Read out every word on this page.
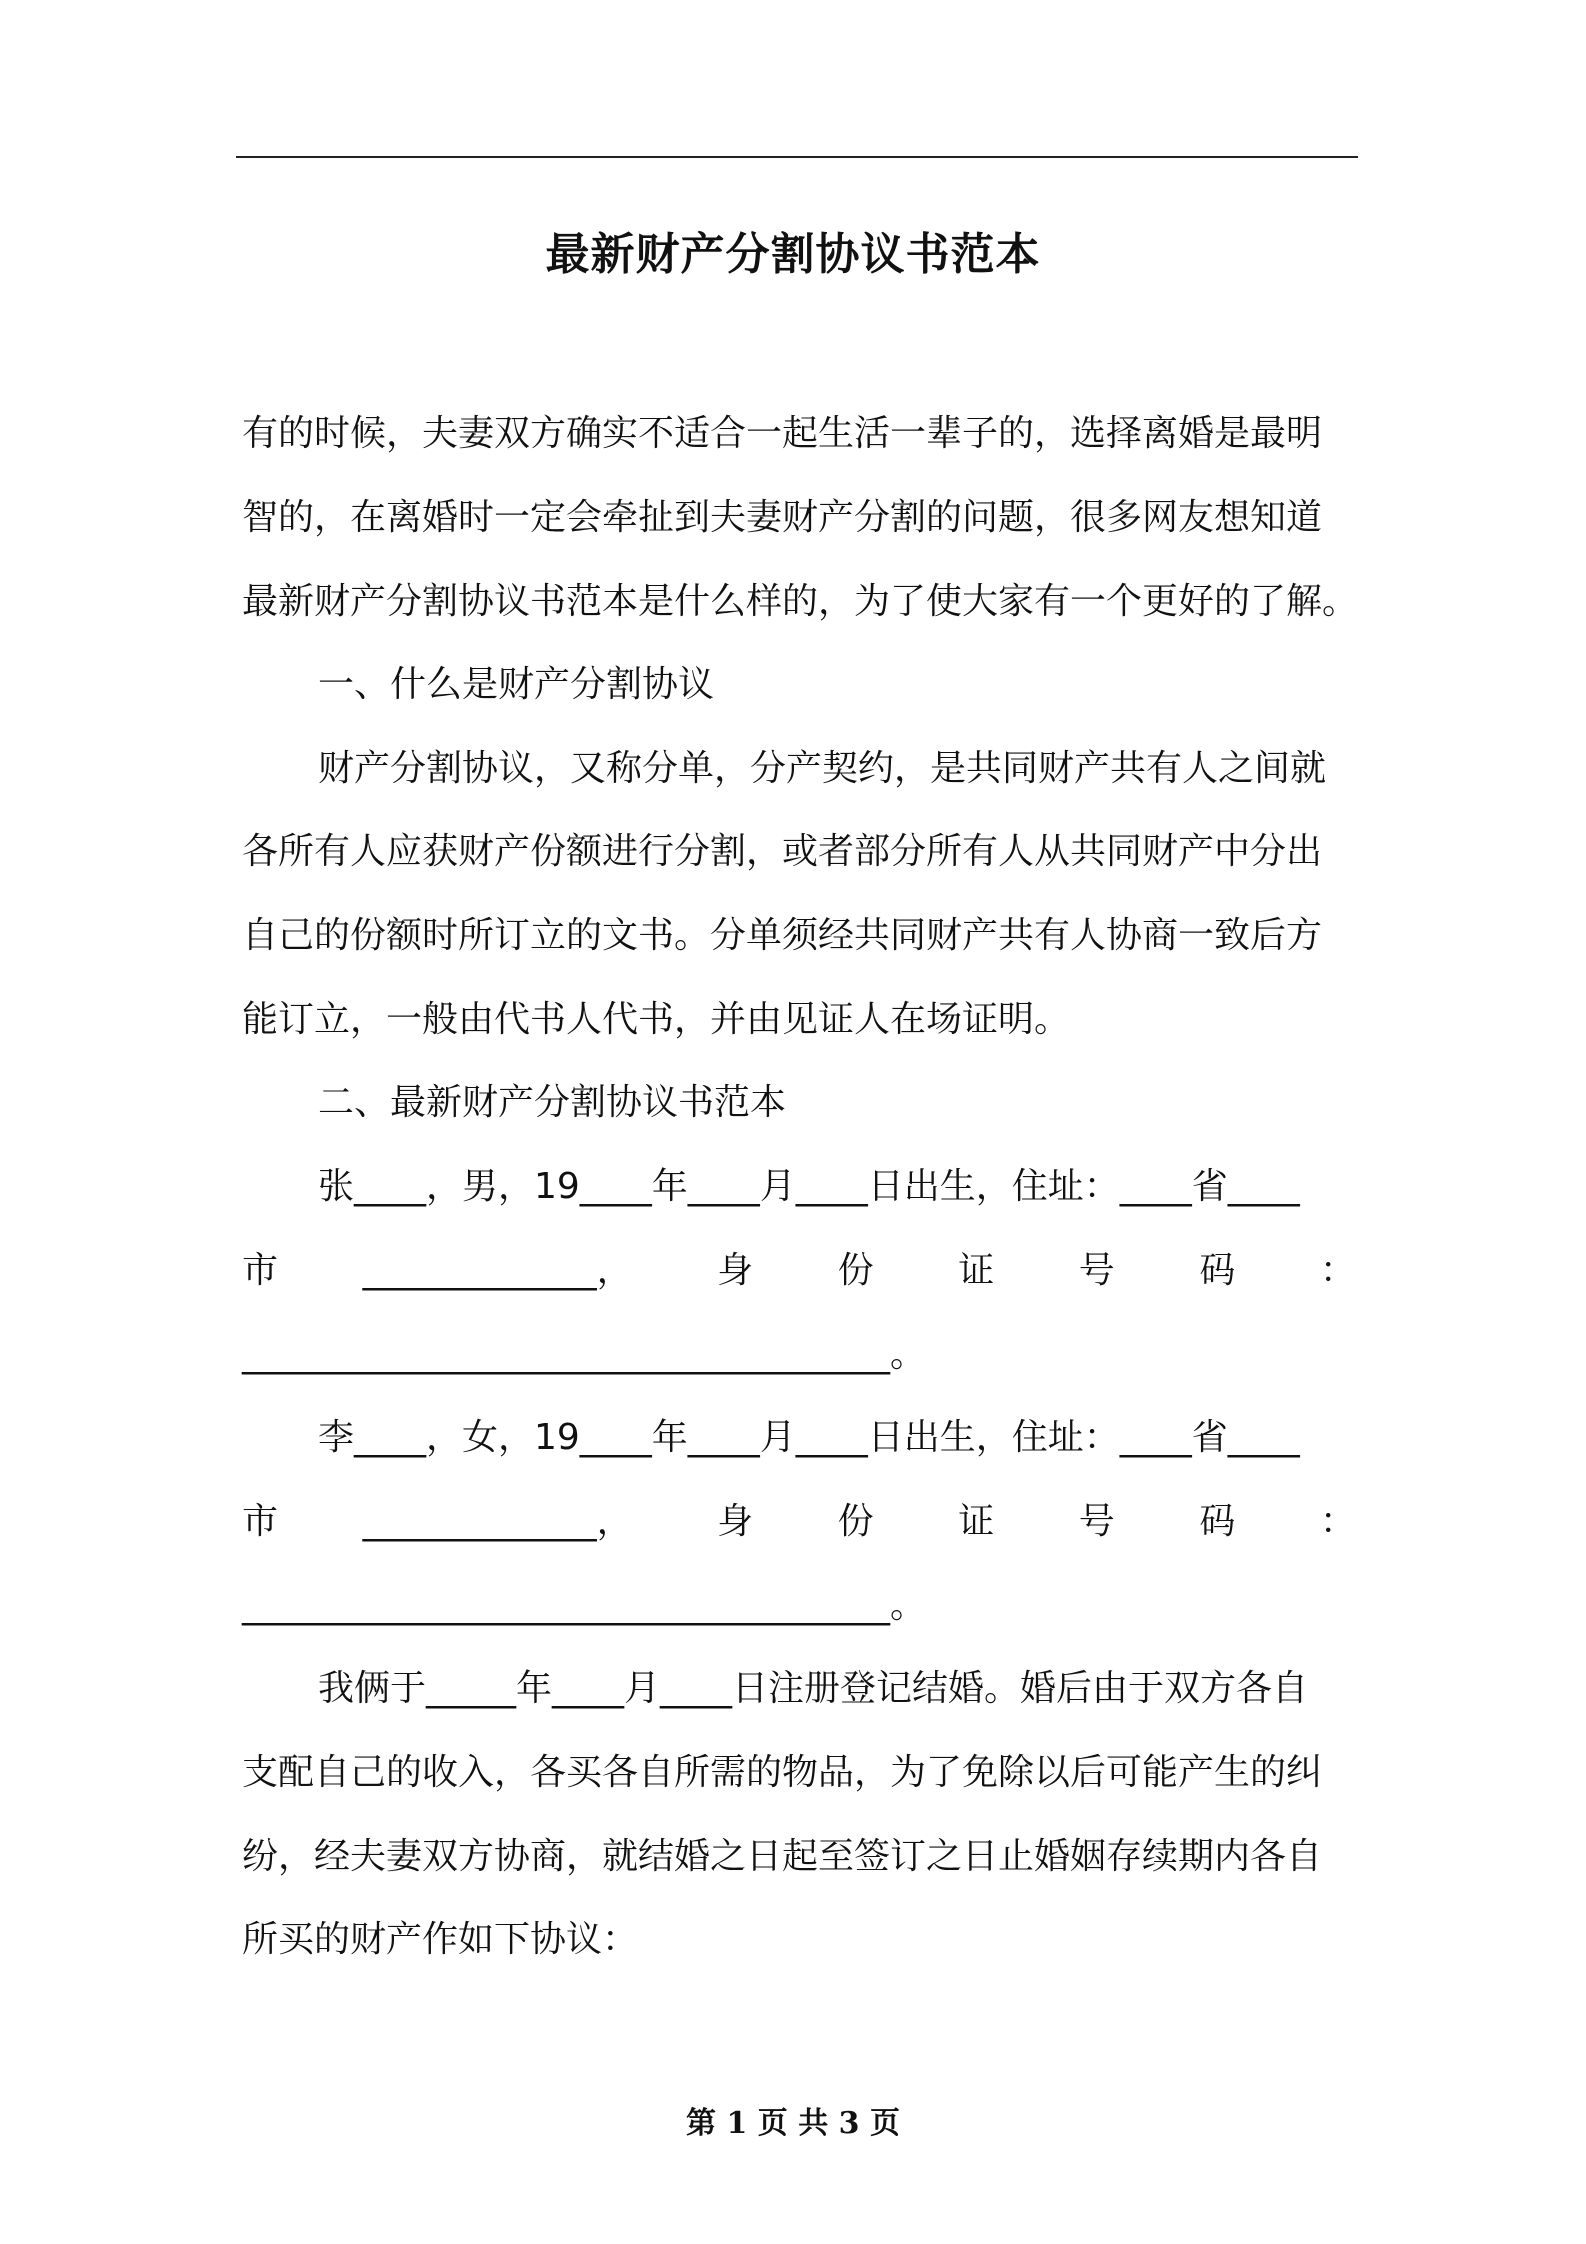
最新财产分割协议书范本
有的时候，夫妻双方确实不适合一起生活一辈子的，选择离婚是最明
智的，在离婚时一定会牵扯到夫妻财产分割的问题，很多网友想知道
最新财产分割协议书范本是什么样的，为了使大家有一个更好的了解。
一、什么是财产分割协议
财产分割协议，又称分单，分产契约，是共同财产共有人之间就
各所有人应获财产份额进行分割，或者部分所有人从共同财产中分出
自己的份额时所订立的文书。分单须经共同财产共有人协商一致后方
能订立，一般由代书人代书，并由见证人在场证明。
二、最新财产分割协议书范本
张____，男，19____年____月____日出生，住址：____省____
市 _____________， 身 份 证 号 码 ：
____________________________________。
李____，女，19____年____月____日出生，住址：____省____
市 _____________， 身 份 证 号 码 ：
____________________________________。
我俩于_____年____月____日注册登记结婚。婚后由于双方各自
支配自己的收入，各买各自所需的物品，为了免除以后可能产生的纠
纷，经夫妻双方协商，就结婚之日起至签订之日止婚姻存续期内各自
所买的财产作如下协议：
第 1 页 共 3 页
